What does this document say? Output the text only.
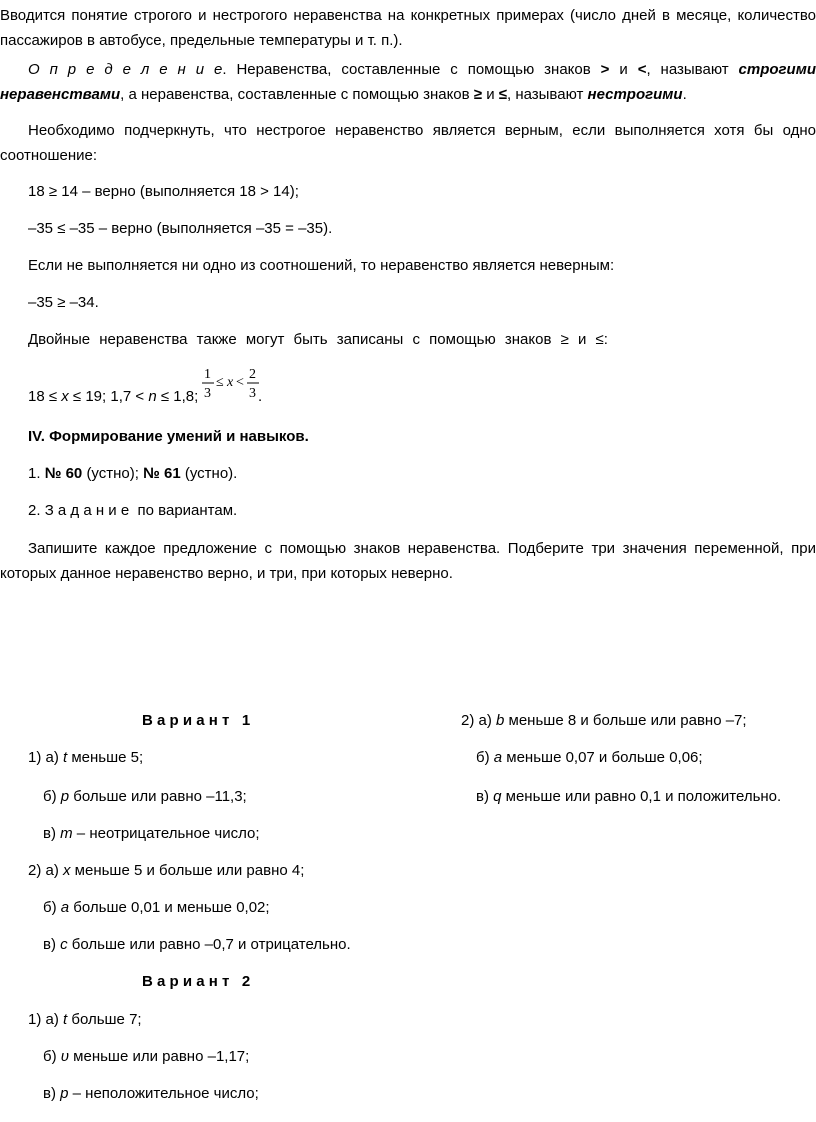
Вводится понятие строгого и нестрогого неравенства на конкретных примерах (число дней в месяце, количество пассажиров в автобусе, предельные температуры и т. п.).

О п р е д е л е н и е. Неравенства, составленные с помощью знаков > и <, называют строгими неравенствами, а неравенства, составленные с помощью знаков ≥ и ≤, называют нестрогими.

Необходимо подчеркнуть, что нестрогое неравенство является верным, если выполняется хотя бы одно соотношение:

18 ≥ 14 – верно (выполняется 18 > 14);

–35 ≤ –35 – верно (выполняется –35 = –35).

Если не выполняется ни одно из соотношений, то неравенство является неверным:

–35 ≥ –34.

Двойные неравенства также могут быть записаны с помощью знаков ≥ и ≤:

18 ≤ x ≤ 19; 1,7 < n ≤ 1,8;

1
3
≤ x <
2
3 .

IV. Формирование умений и навыков.

1. № 60 (устно); № 61 (устно).

2. З а д а н и е по вариантам.

Запишите каждое предложение с помощью знаков неравенства. Подберите три значения переменной, при которых данное неравенство верно, и три, при которых неверно.

В а р и а н т   1

1) а) t меньше 5;

б) p больше или равно –11,3;

в) m – неотрицательное число;

2) а) x меньше 5 и больше или равно 4;

б) a больше 0,01 и меньше 0,02;

в) c больше или равно –0,7 и отрицательно.

2) а) b меньше 8 и больше или равно –7;

б) a меньше 0,07 и больше 0,06;

в) q меньше или равно 0,1 и положительно.

В а р и а н т   2

1) а) t больше 7;

б) υ меньше или равно –1,17;

в) p – неположительное число;
